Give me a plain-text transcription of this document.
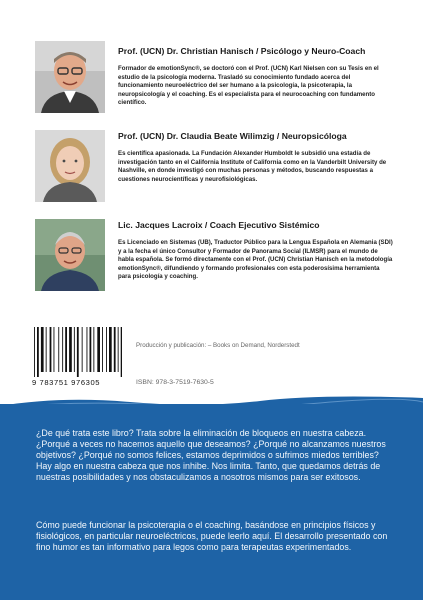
Prof. (UCN) Dr. Christian Hanisch / Psicólogo y Neuro-Coach
Formador de emotionSync®, se doctoró con el Prof. (UCN) Karl Nielsen con su Tesis en el estudio de la psicología moderna. Trasladó su conocimiento fundado acerca del funcionamiento neuroeléctrico del ser humano a la psicología, la psicoterapia, la neuropsicología y el coaching. Es el especialista para el neurocoaching con fundamento científico.
Prof. (UCN) Dr. Claudia Beate Wilimzig / Neuropsicóloga
Es científica apasionada. La Fundación Alexander Humboldt le subsidió una estadía de investigación tanto en el California Institute of California como en la Vanderbilt University de Nashville, en donde investigó con muchas personas y métodos, buscando respuestas a cuestiones neurocientíficas y neurofisiológicas.
Lic. Jacques Lacroix / Coach Ejecutivo Sistémico
Es Licenciado en Sistemas (UB), Traductor Público para la Lengua Española en Alemania (SDI) y a la fecha el único Consultor y Formador de Panorama Social (ILMSR) para el mundo de habla española. Se formó directamente con el Prof. (UCN) Christian Hanisch en la metodología emotionSync®, difundiendo y formando profesionales con esta poderosísima herramienta para psicología y coaching.
9 783751 976305
Producción y publicación: – Books on Demand, Norderstedt
ISBN: 978-3-7519-7630-5
¿De qué trata este libro? Trata sobre la eliminación de bloqueos en nuestra cabeza. ¿Porqué a veces no hacemos aquello que deseamos? ¿Porqué no alcanzamos nuestros objetivos? ¿Porqué no somos felices, estamos deprimidos o sufrimos miedos terribles? Hay algo en nuestra cabeza que nos inhibe. Nos limita. Tanto, que quedamos detrás de nuestras posibilidades y nos obstaculizamos a nosotros mismos para ser exitosos.
Cómo puede funcionar la psicoterapia o el coaching, basándose en principios físicos y fisiológicos, en particular neuroeléctricos, puede leerlo aquí. El desarrollo presentado con fino humor es tan informativo para legos como para terapeutas experimentados.
